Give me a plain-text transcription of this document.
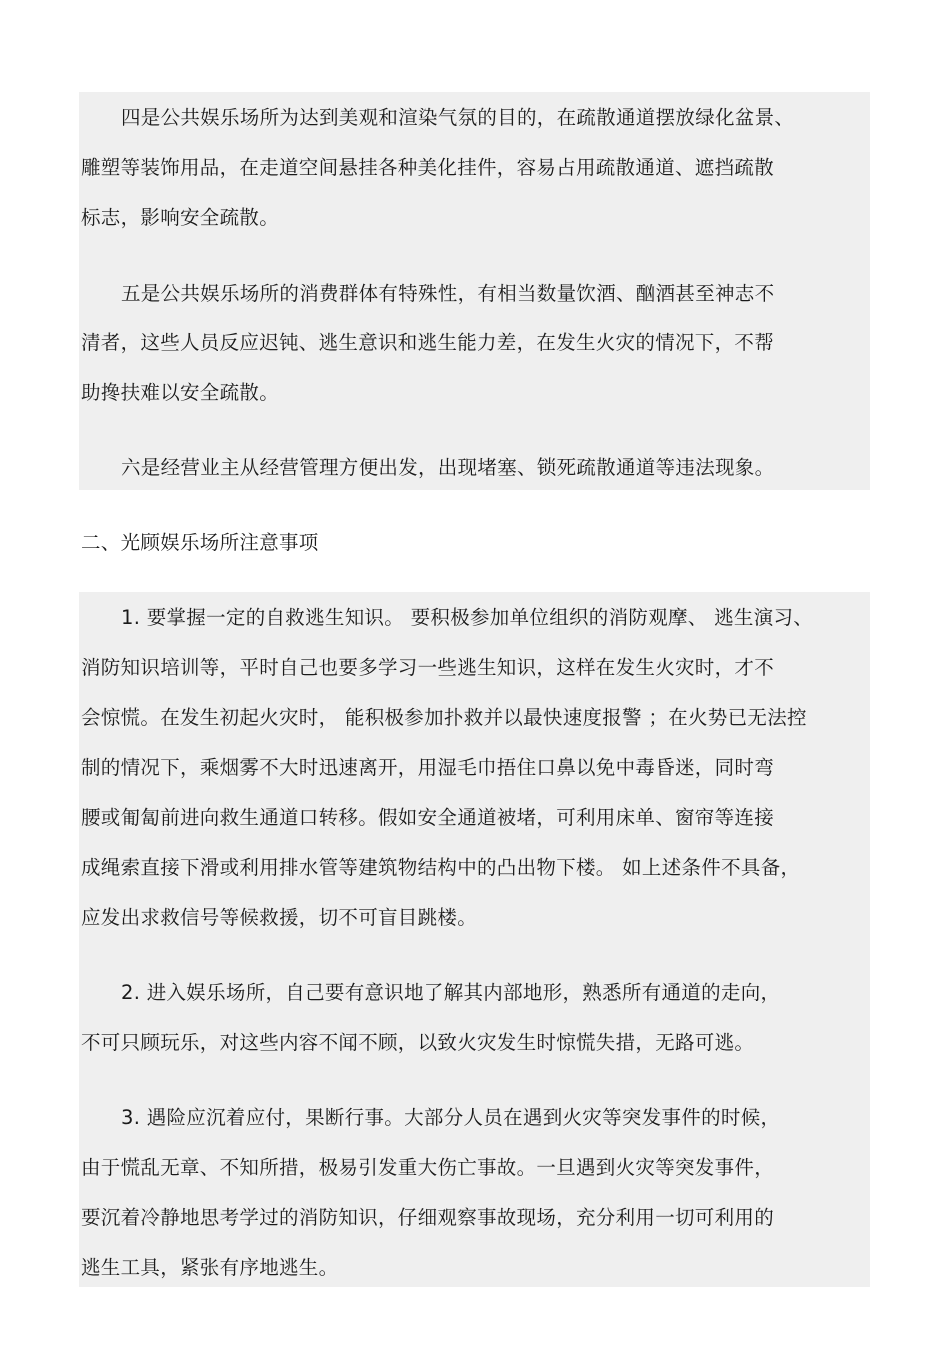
四是公共娱乐场所为达到美观和渲染气氛的目的，在疏散通道摆放绿化盆景、
雕塑等装饰用品，在走道空间悬挂各种美化挂件，容易占用疏散通道、遮挡疏散
标志，影响安全疏散。
五是公共娱乐场所的消费群体有特殊性，有相当数量饮酒、酗酒甚至神志不
清者，这些人员反应迟钝、逃生意识和逃生能力差，在发生火灾的情况下，不帮
助搀扶难以安全疏散。
六是经营业主从经营管理方便出发，出现堵塞、锁死疏散通道等违法现象。
二、光顾娱乐场所注意事项
1. 要掌握一定的自救逃生知识。 要积极参加单位组织的消防观摩、 逃生演习、
消防知识培训等，平时自己也要多学习一些逃生知识，这样在发生火灾时，才不
会惊慌。在发生初起火灾时， 能积极参加扑救并以最快速度报警 ；在火势已无法控
制的情况下，乘烟雾不大时迅速离开，用湿毛巾捂住口鼻以免中毒昏迷，同时弯
腰或匍匐前进向救生通道口转移。假如安全通道被堵，可利用床单、窗帘等连接
成绳索直接下滑或利用排水管等建筑物结构中的凸出物下楼。 如上述条件不具备，
应发出求救信号等候救援，切不可盲目跳楼。
2. 进入娱乐场所，自己要有意识地了解其内部地形，熟悉所有通道的走向，
不可只顾玩乐，对这些内容不闻不顾，以致火灾发生时惊慌失措，无路可逃。
3. 遇险应沉着应付，果断行事。大部分人员在遇到火灾等突发事件的时候，
由于慌乱无章、不知所措，极易引发重大伤亡事故。一旦遇到火灾等突发事件，
要沉着冷静地思考学过的消防知识，仔细观察事故现场，充分利用一切可利用的
逃生工具，紧张有序地逃生。
